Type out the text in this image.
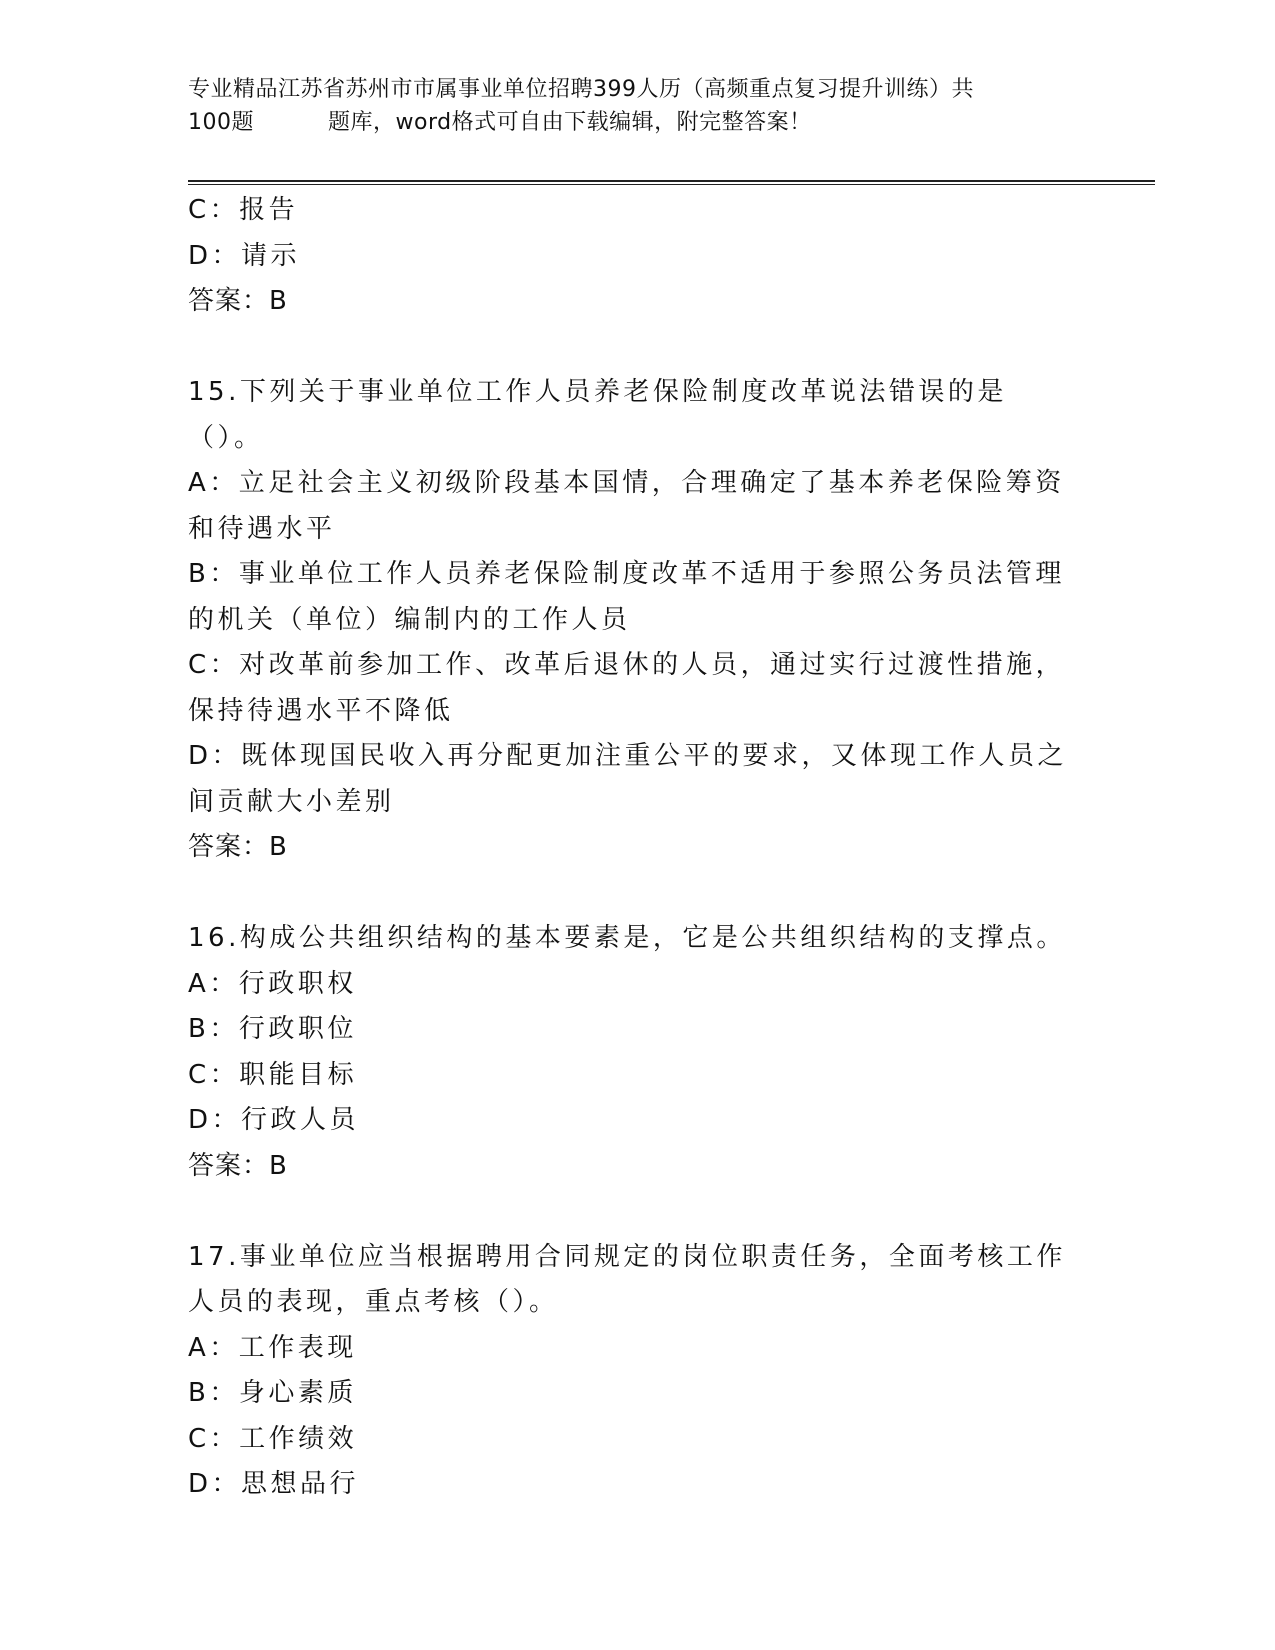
专业精品江苏省苏州市市属事业单位招聘399人历（高频重点复习提升训练）共
100题	题库，word格式可自由下载编辑，附完整答案！

C：报告

D：请示

答案：B

15.下列关于事业单位工作人员养老保险制度改革说法错误的是（）。

A：立足社会主义初级阶段基本国情，合理确定了基本养老保险筹资和待遇水平

B：事业单位工作人员养老保险制度改革不适用于参照公务员法管理的机关（单位）编制内的工作人员

C：对改革前参加工作、改革后退休的人员，通过实行过渡性措施，保持待遇水平不降低

D：既体现国民收入再分配更加注重公平的要求，又体现工作人员之间贡献大小差别

答案：B

16.构成公共组织结构的基本要素是，它是公共组织结构的支撑点。

A：行政职权

B：行政职位

C：职能目标

D：行政人员

答案：B

17.事业单位应当根据聘用合同规定的岗位职责任务，全面考核工作人员的表现，重点考核（）。

A：工作表现

B：身心素质

C：工作绩效

D：思想品行
